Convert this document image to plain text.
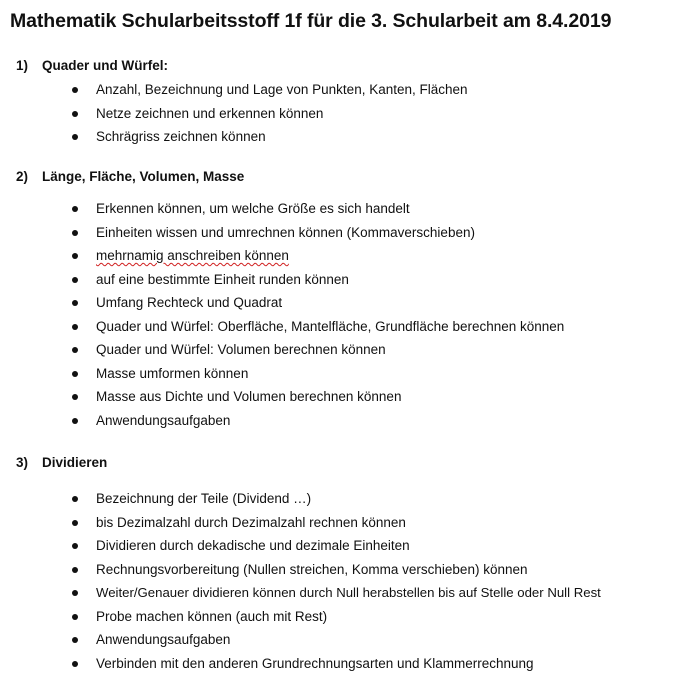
Mathematik Schularbeitsstoff 1f für die 3. Schularbeit am 8.4.2019
1) Quader und Würfel:
Anzahl, Bezeichnung und Lage von Punkten, Kanten, Flächen
Netze zeichnen und erkennen können
Schrägriss zeichnen können
2) Länge, Fläche, Volumen, Masse
Erkennen können, um welche Größe es sich handelt
Einheiten wissen und umrechnen können (Kommaverschieben)
mehrnamig anschreiben können
auf eine bestimmte Einheit runden können
Umfang Rechteck und Quadrat
Quader und Würfel: Oberfläche, Mantelfläche, Grundfläche berechnen können
Quader und Würfel: Volumen berechnen können
Masse umformen können
Masse aus Dichte und Volumen berechnen können
Anwendungsaufgaben
3) Dividieren
Bezeichnung der Teile (Dividend …)
bis Dezimalzahl durch Dezimalzahl rechnen können
Dividieren durch dekadische und dezimale Einheiten
Rechnungsvorbereitung (Nullen streichen, Komma verschieben) können
Weiter/Genauer dividieren können durch Null herabstellen bis auf Stelle oder Null Rest
Probe machen können (auch mit Rest)
Anwendungsaufgaben
Verbinden mit den anderen Grundrechnungsarten und Klammerrechnung
